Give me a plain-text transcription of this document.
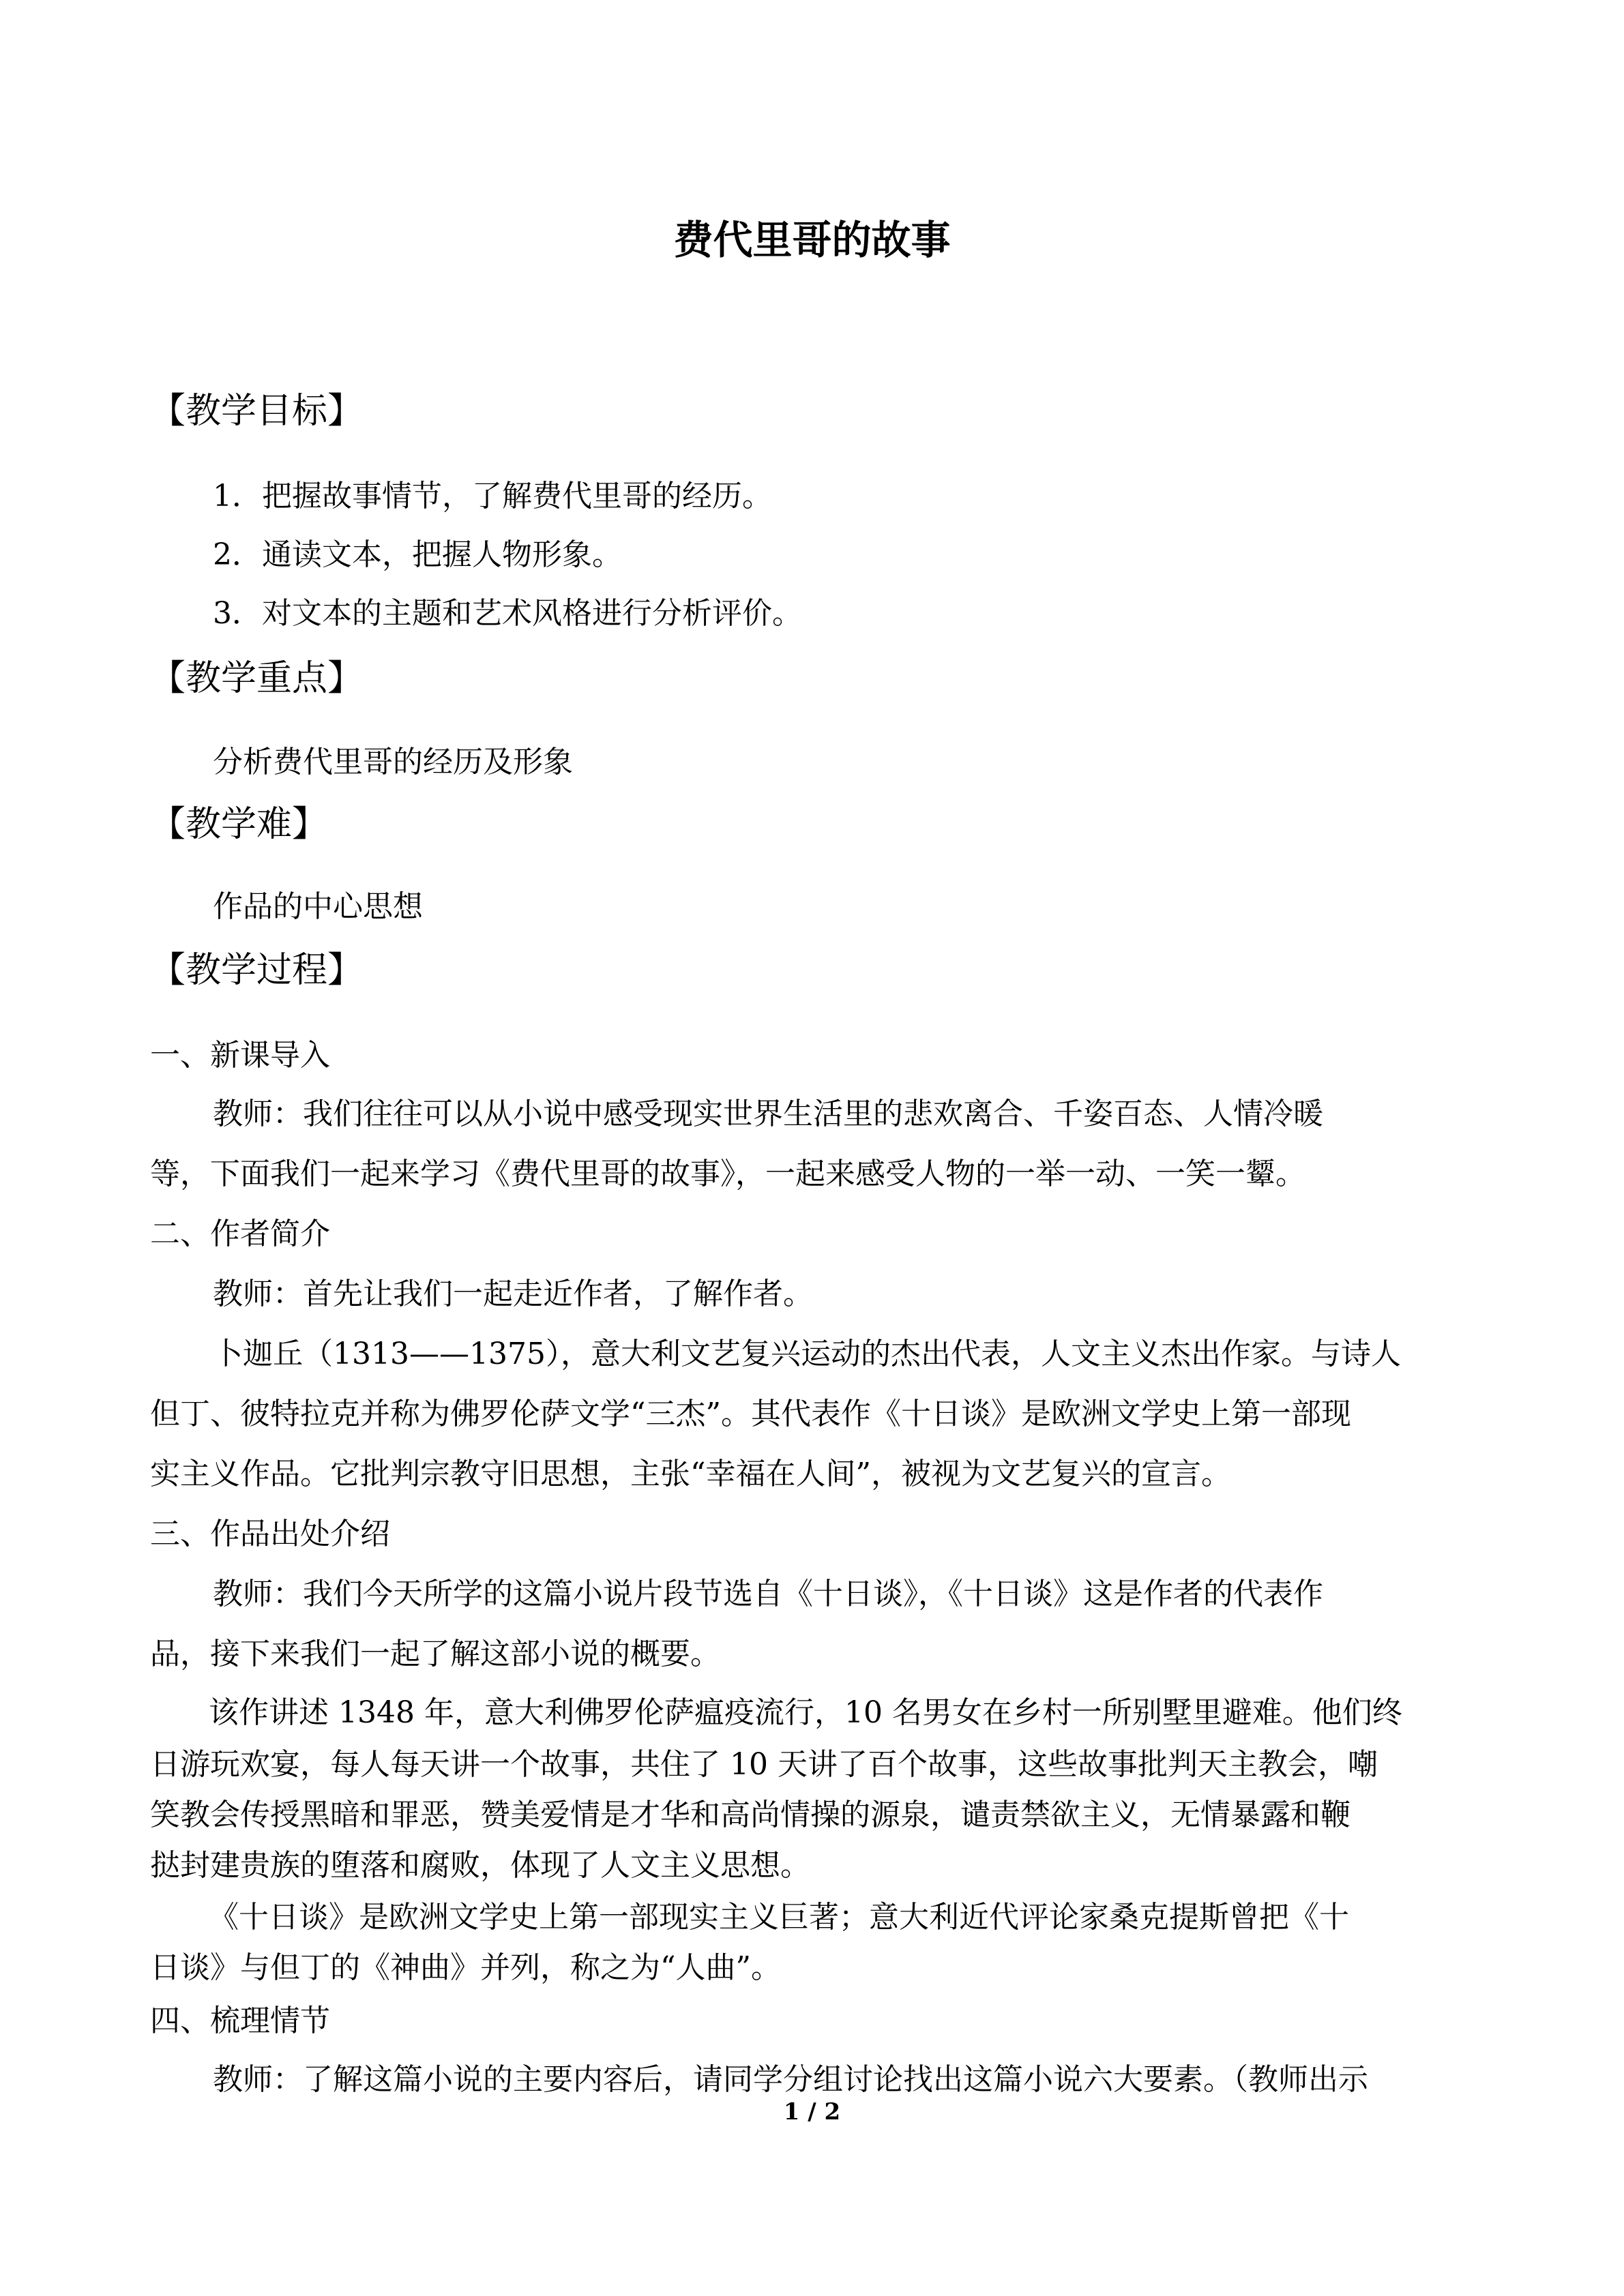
费代里哥的故事
【教学目标】
1．把握故事情节，了解费代里哥的经历。
2．通读文本，把握人物形象。
3．对文本的主题和艺术风格进行分析评价。
【教学重点】
分析费代里哥的经历及形象
【教学难】
作品的中心思想
【教学过程】
一、新课导入
教师：我们往往可以从小说中感受现实世界生活里的悲欢离合、千姿百态、人情冷暖
等，下面我们一起来学习《费代里哥的故事》，一起来感受人物的一举一动、一笑一颦。
二、作者简介
教师：首先让我们一起走近作者，了解作者。
卜迦丘（1313——1375），意大利文艺复兴运动的杰出代表，人文主义杰出作家。与诗人
但丁、彼特拉克并称为佛罗伦萨文学“三杰”。其代表作《十日谈》是欧洲文学史上第一部现
实主义作品。它批判宗教守旧思想，主张“幸福在人间”，被视为文艺复兴的宣言。
三、作品出处介绍
教师：我们今天所学的这篇小说片段节选自《十日谈》，《十日谈》这是作者的代表作
品，接下来我们一起了解这部小说的概要。
该作讲述 1348 年，意大利佛罗伦萨瘟疫流行，10 名男女在乡村一所别墅里避难。他们终
日游玩欢宴，每人每天讲一个故事，共住了 10 天讲了百个故事，这些故事批判天主教会，嘲
笑教会传授黑暗和罪恶，赞美爱情是才华和高尚情操的源泉，谴责禁欲主义，无情暴露和鞭
挞封建贵族的堕落和腐败，体现了人文主义思想。
《十日谈》是欧洲文学史上第一部现实主义巨著；意大利近代评论家桑克提斯曾把《十
日谈》与但丁的《神曲》并列，称之为“人曲”。
四、梳理情节
教师：了解这篇小说的主要内容后，请同学分组讨论找出这篇小说六大要素。（教师出示
1 / 2
